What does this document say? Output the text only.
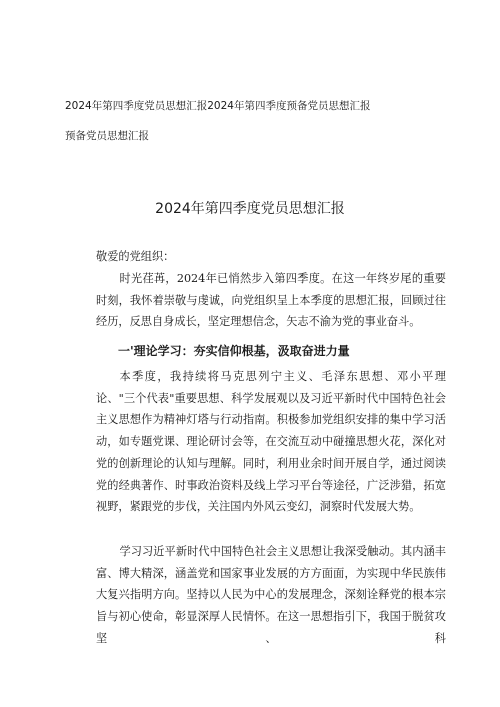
2024年第四季度党员思想汇报2024年第四季度预备党员思想汇报
预备党员思想汇报
2024年第四季度党员思想汇报
敬爱的党组织：
时光荏苒，2024年已悄然步入第四季度。在这一年终岁尾的重要时刻，我怀着崇敬与虔诚，向党组织呈上本季度的思想汇报，回顾过往经历，反思自身成长，坚定理想信念，矢志不渝为党的事业奋斗。
一'理论学习：夯实信仰根基，汲取奋进力量
本季度，我持续将马克思列宁主义、毛泽东思想、邓小平理论、"三个代表"重要思想、科学发展观以及习近平新时代中国特色社会主义思想作为精神灯塔与行动指南。积极参加党组织安排的集中学习活动，如专题党课、理论研讨会等，在交流互动中碰撞思想火花，深化对党的创新理论的认知与理解。同时，利用业余时间开展自学，通过阅读党的经典著作、时事政治资料及线上学习平台等途径，广泛涉猎，拓宽视野，紧跟党的步伐，关注国内外风云变幻，洞察时代发展大势。
学习习近平新时代中国特色社会主义思想让我深受触动。其内涵丰富、博大精深，涵盖党和国家事业发展的方方面面，为实现中华民族伟大复兴指明方向。坚持以人民为中心的发展理念，深刻诠释党的根本宗旨与初心使命，彰显深厚人民情怀。在这一思想指引下，我国于脱贫攻坚、科
